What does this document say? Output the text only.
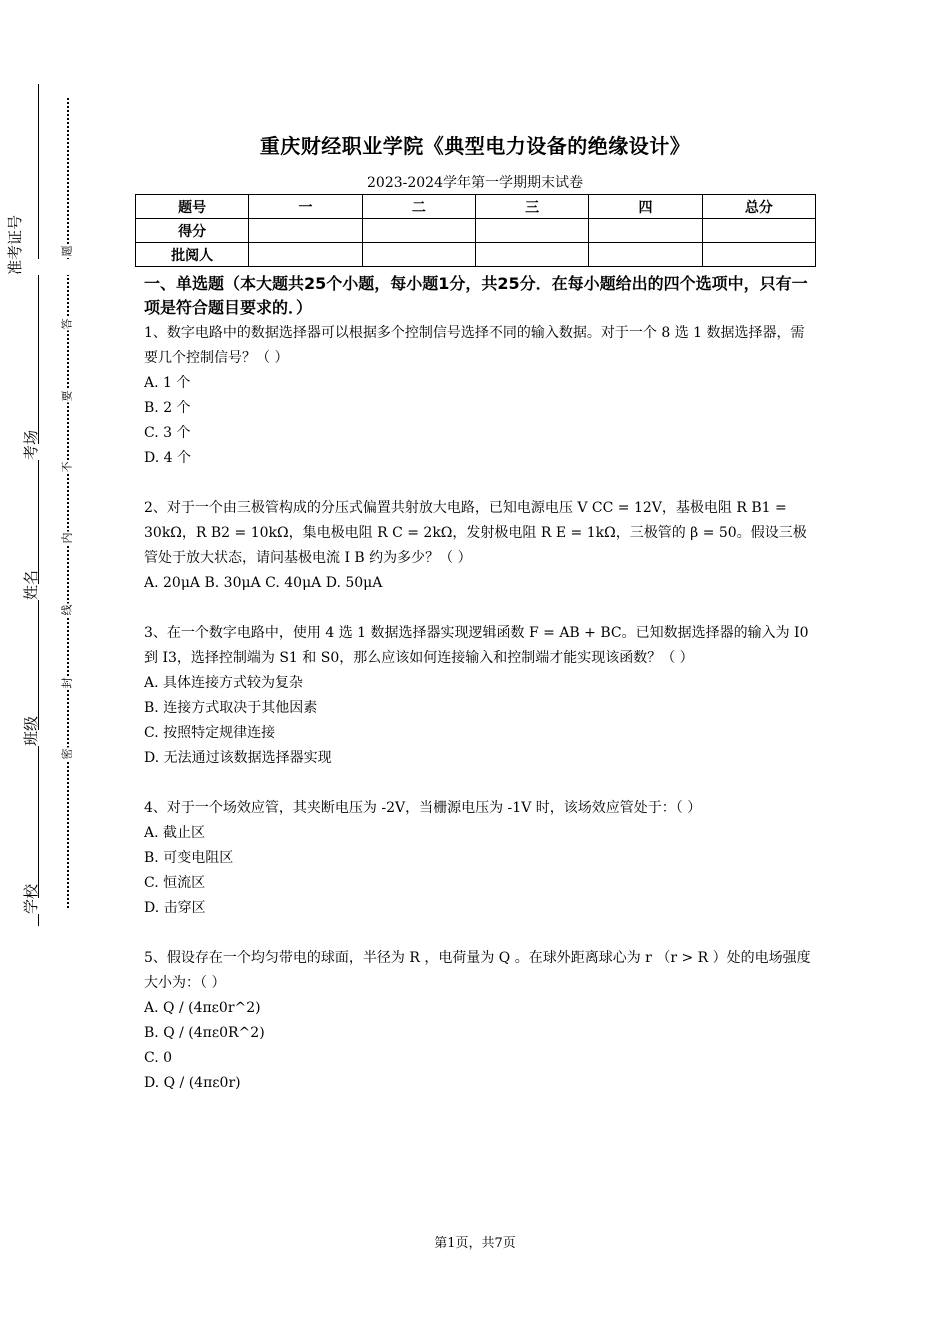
准考证号
考场
姓名
班级
学校
题
答
要
不
内
线
封
密
重庆财经职业学院《典型电力设备的绝缘设计》
2023-2024学年第一学期期末试卷
题号	一	二	三	四	总分
得分					
批阅人					
一、单选题（本大题共25个小题，每小题1分，共25分．在每小题给出的四个选项中，只有一项是符合题目要求的．）
1、数字电路中的数据选择器可以根据多个控制信号选择不同的输入数据。对于一个 8 选 1 数据选择器，需要几个控制信号？（ ）
A. 1 个
B. 2 个
C. 3 个
D. 4 个
2、对于一个由三极管构成的分压式偏置共射放大电路，已知电源电压 V CC = 12V，基极电阻 R B1 = 30kΩ，R B2 = 10kΩ，集电极电阻 R C = 2kΩ，发射极电阻 R E = 1kΩ，三极管的 β = 50。假设三极管处于放大状态，请问基极电流 I B 约为多少？（ ）
A. 20μA B. 30μA C. 40μA D. 50μA
3、在一个数字电路中，使用 4 选 1 数据选择器实现逻辑函数 F = AB + BC。已知数据选择器的输入为 I0 到 I3，选择控制端为 S1 和 S0，那么应该如何连接输入和控制端才能实现该函数？（ ）
A. 具体连接方式较为复杂
B. 连接方式取决于其他因素
C. 按照特定规律连接
D. 无法通过该数据选择器实现
4、对于一个场效应管，其夹断电压为 -2V，当栅源电压为 -1V 时，该场效应管处于：（ ）
A. 截止区
B. 可变电阻区
C. 恒流区
D. 击穿区
5、假设存在一个均匀带电的球面，半径为 R ，电荷量为 Q 。在球外距离球心为 r （r > R ）处的电场强度大小为：（ ）
A. Q / (4πε0r^2)
B. Q / (4πε0R^2)
C. 0
D. Q / (4πε0r)
第1页，共7页
